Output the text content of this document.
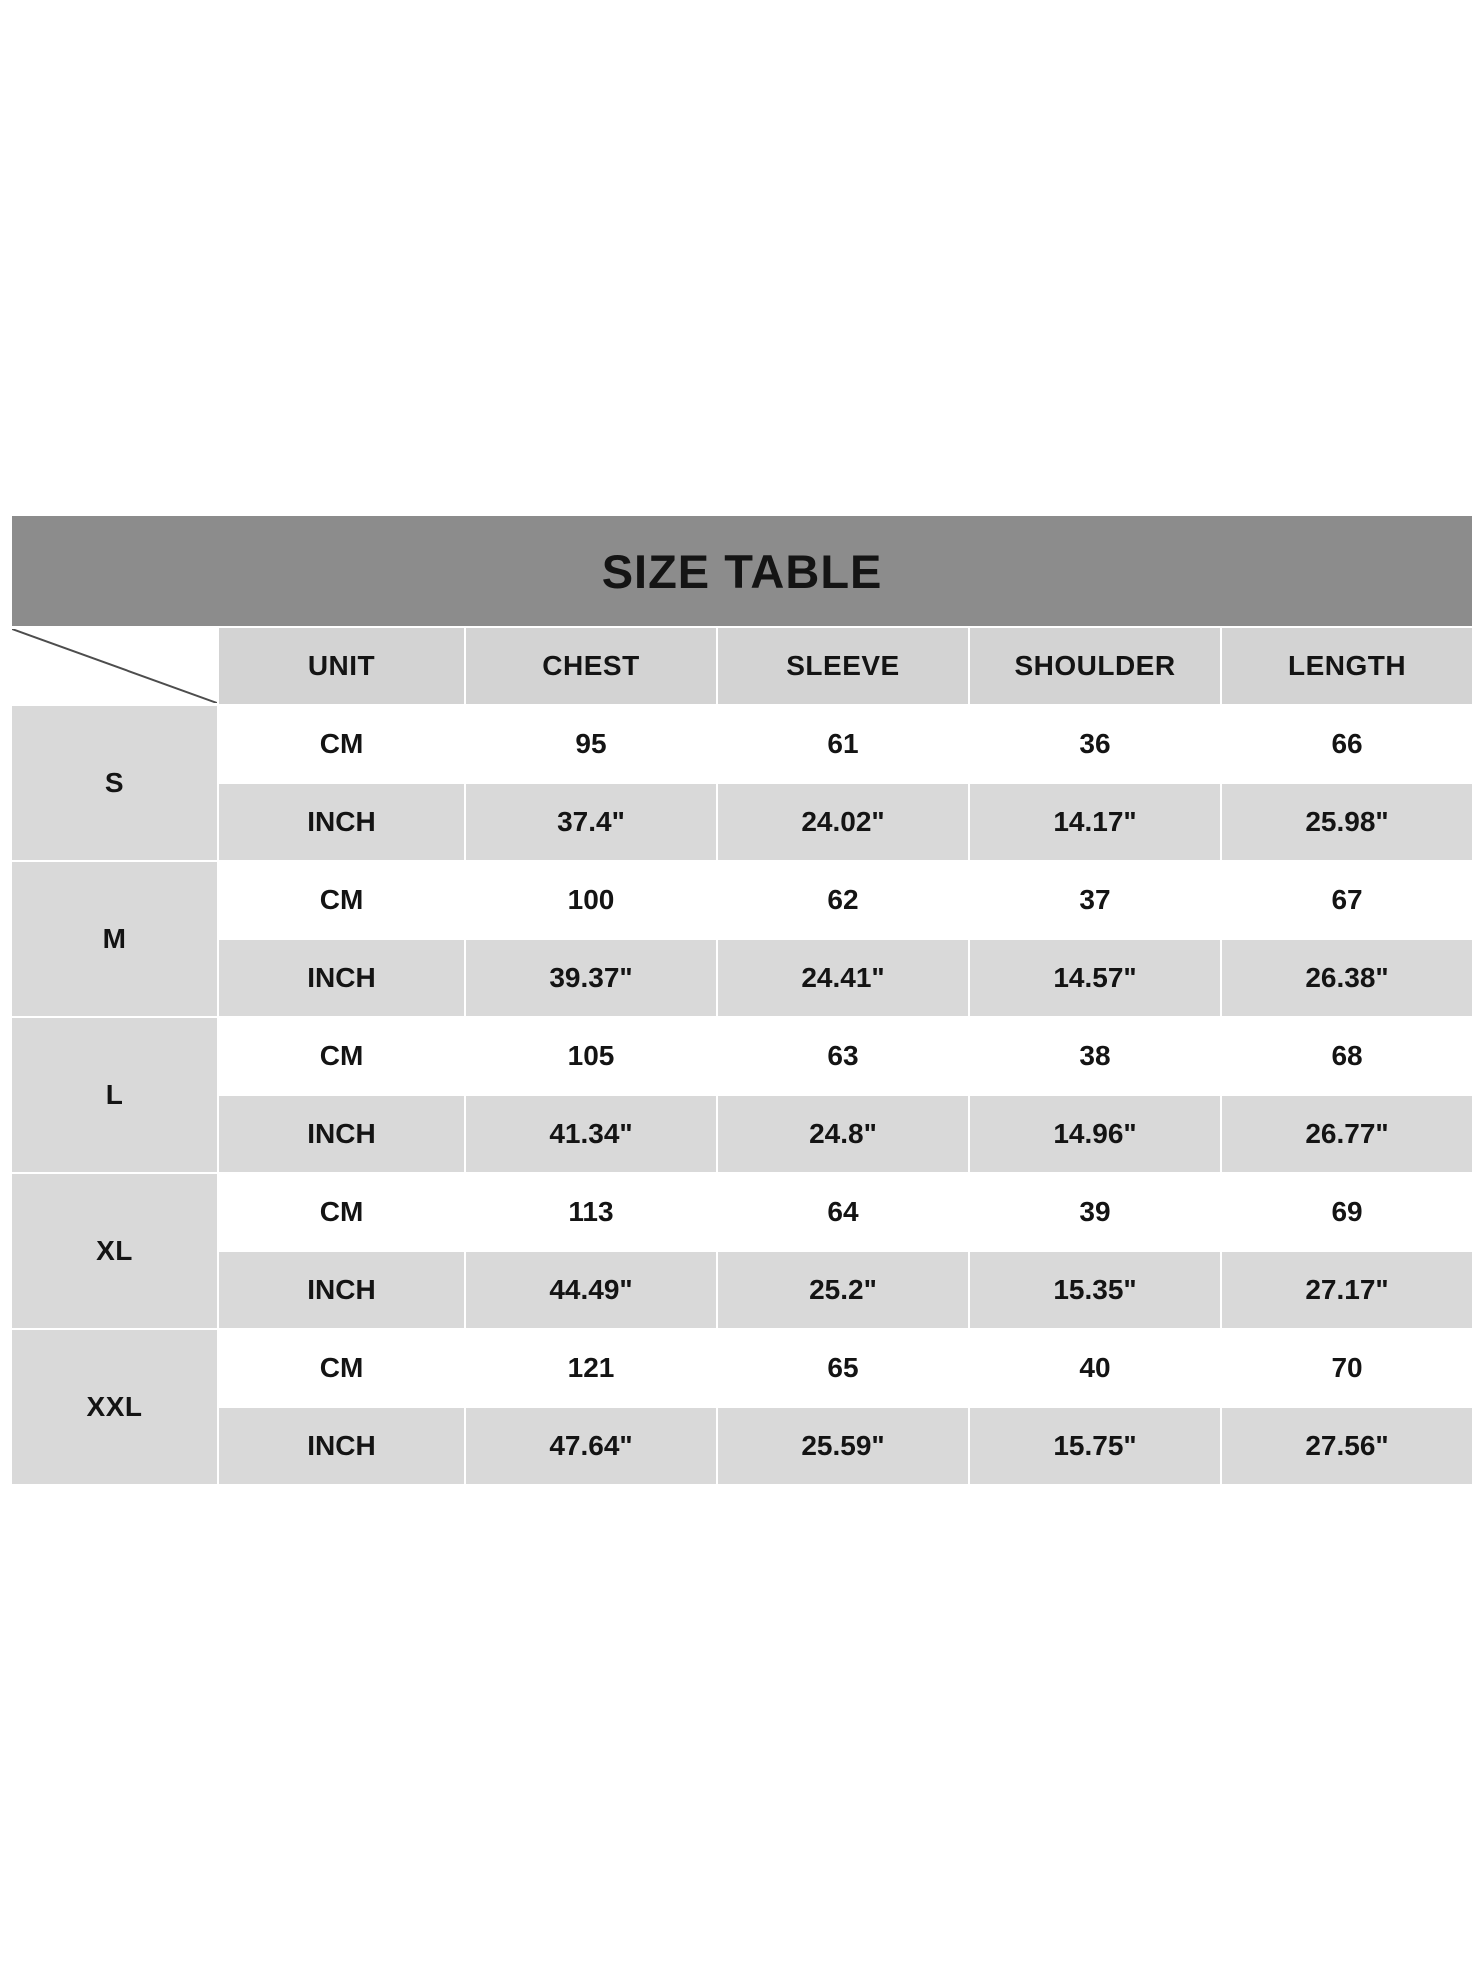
SIZE TABLE					

	UNIT	CHEST	SLEEVE	SHOULDER	LENGTH
S	CM	95	61	36	66
	INCH	37.4"	24.02"	14.17"	25.98"
M	CM	100	62	37	67
	INCH	39.37"	24.41"	14.57"	26.38"
L	CM	105	63	38	68
	INCH	41.34"	24.8"	14.96"	26.77"
XL	CM	113	64	39	69
	INCH	44.49"	25.2"	15.35"	27.17"
XXL	CM	121	65	40	70
	INCH	47.64"	25.59"	15.75"	27.56"
